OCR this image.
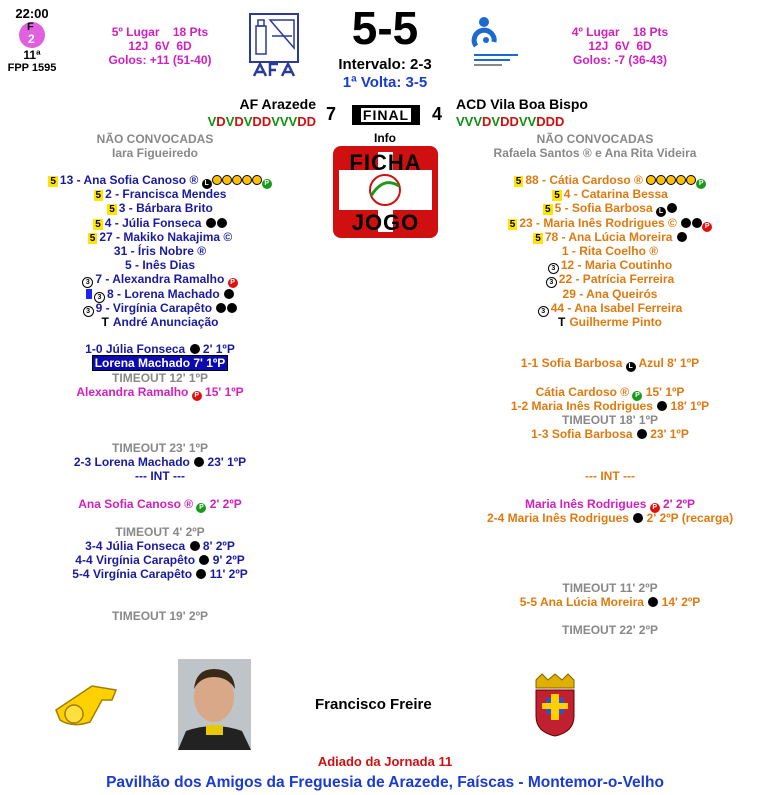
22:00
F
2
11ª
FPP 1595
5º Lugar 18 Pts
12J  6V  6D
Golos: +11 (51-40)
5-5
Intervalo: 2-3
1ª Volta: 3-5
4º Lugar 18 Pts
12J  6V  6D
Golos: -7 (36-43)
AF Arazede 7	FINAL	4 ACD Vila Boa Bispo
VDVDVDDVVVDD	VVVDVDDVVDDD
NÃO CONVOCADAS
Iara Figueiredo
NÃO CONVOCADAS
Rafaela Santos ® e Ana Rita Videira
Info
FICHA
JOGO
5 13 - Ana Sofia Canoso ® L	P
5 2 - Francisca Mendes
5 3 - Bárbara Brito
5 4 - Júlia Fonseca
5 27 - Makiko Nakajima ©
31 - Íris Nobre ®
5 - Inês Dias
3 7 - Alexandra Ramalho P
3 8 - Lorena Machado
3 9 - Virgínia Carapêto
T André Anunciação
5 88 - Cátia Cardoso ®	P
5 4 - Catarina Bessa
5 5 - Sofia Barbosa L
5 23 - Maria Inês Rodrigues ©	P
5 78 - Ana Lúcia Moreira
1 - Rita Coelho ®
3 12 - Maria Coutinho
3 22 - Patrícia Ferreira
29 - Ana Queirós
3 44 - Ana Isabel Ferreira
T Guilherme Pinto
1-0 Júlia Fonseca  2' 1ºP
Lorena Machado 7' 1ºP
TIMEOUT 12' 1ºP
Alexandra Ramalho P 15' 1ºP
TIMEOUT 23' 1ºP
2-3 Lorena Machado  23' 1ºP
--- INT ---
Ana Sofia Canoso ® P 2' 2ºP
TIMEOUT 4' 2ºP
3-4 Júlia Fonseca  8' 2ºP
4-4 Virgínia Carapêto  9' 2ºP
5-4 Virgínia Carapêto  11' 2ºP
TIMEOUT 19' 2ºP
1-1 Sofia Barbosa L Azul 8' 1ºP
Cátia Cardoso ® P 15' 1ºP
1-2 Maria Inês Rodrigues  18' 1ºP
TIMEOUT 18' 1ºP
1-3 Sofia Barbosa  23' 1ºP
--- INT ---
Maria Inês Rodrigues P 2' 2ºP
2-4 Maria Inês Rodrigues  2' 2ºP (recarga)
TIMEOUT 11' 2ºP
5-5 Ana Lúcia Moreira  14' 2ºP
TIMEOUT 22' 2ºP
Francisco Freire
Adiado da Jornada 11
Pavilhão dos Amigos da Freguesia de Arazede, Faíscas - Montemor-o-Velho
